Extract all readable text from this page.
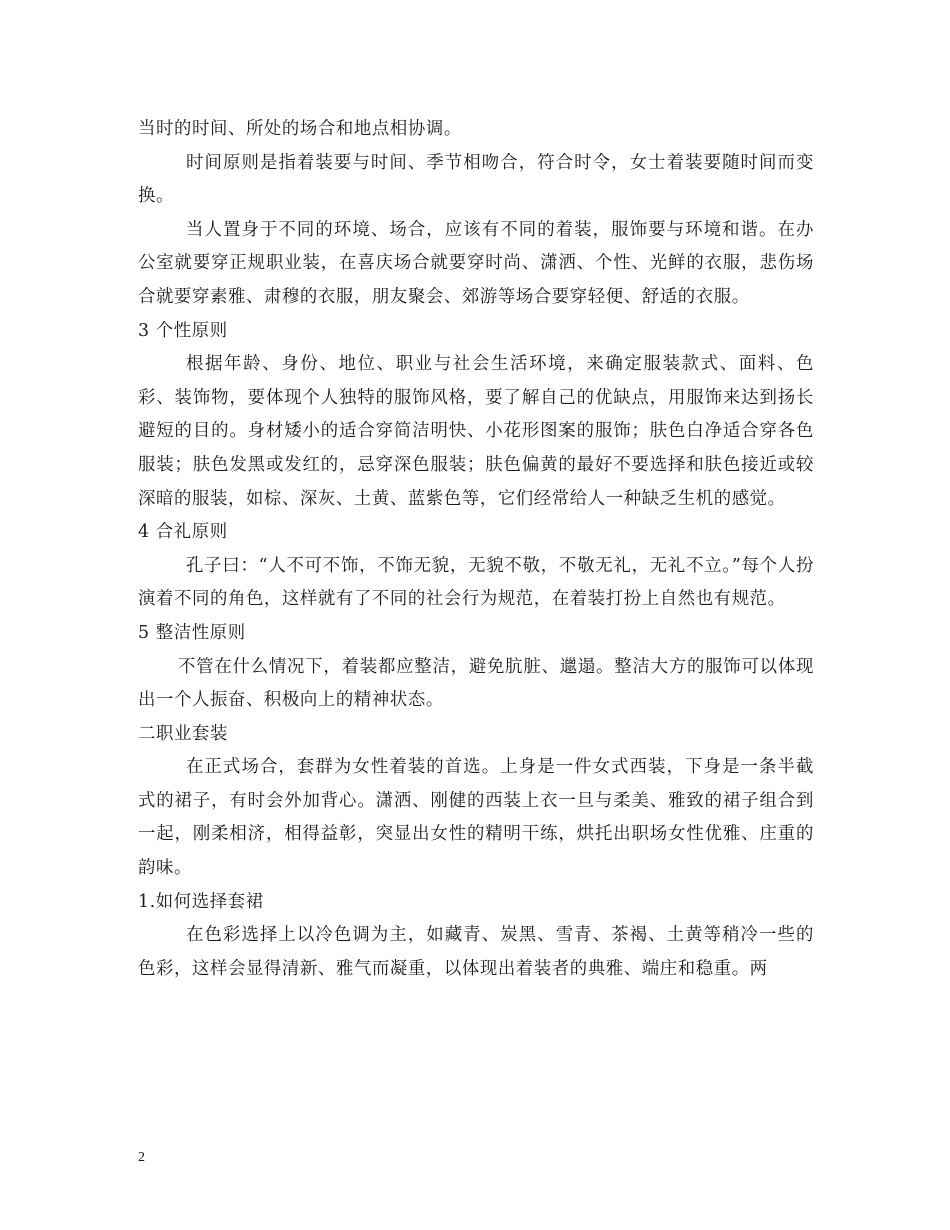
当时的时间、所处的场合和地点相协调。

时间原则是指着装要与时间、季节相吻合，符合时令，女士着装要随时间而变换。

当人置身于不同的环境、场合，应该有不同的着装，服饰要与环境和谐。在办公室就要穿正规职业装，在喜庆场合就要穿时尚、潇洒、个性、光鲜的衣服，悲伤场合就要穿素雅、肃穆的衣服，朋友聚会、郊游等场合要穿轻便、舒适的衣服。

3 个性原则

根据年龄、身份、地位、职业与社会生活环境，来确定服装款式、面料、色彩、装饰物，要体现个人独特的服饰风格，要了解自己的优缺点，用服饰来达到扬长避短的目的。身材矮小的适合穿简洁明快、小花形图案的服饰；肤色白净适合穿各色服装；肤色发黑或发红的，忌穿深色服装；肤色偏黄的最好不要选择和肤色接近或较深暗的服装，如棕、深灰、土黄、蓝紫色等，它们经常给人一种缺乏生机的感觉。

4 合礼原则

孔子曰：“人不可不饰，不饰无貌，无貌不敬，不敬无礼，无礼不立。”每个人扮演着不同的角色，这样就有了不同的社会行为规范，在着装打扮上自然也有规范。

5 整洁性原则

不管在什么情况下，着装都应整洁，避免肮脏、邋遢。整洁大方的服饰可以体现出一个人振奋、积极向上的精神状态。

二职业套装

在正式场合，套群为女性着装的首选。上身是一件女式西装，下身是一条半截式的裙子，有时会外加背心。潇洒、刚健的西装上衣一旦与柔美、雅致的裙子组合到一起，刚柔相济，相得益彰，突显出女性的精明干练，烘托出职场女性优雅、庄重的韵味。

1.如何选择套裙

在色彩选择上以冷色调为主，如藏青、炭黑、雪青、茶褐、土黄等稍冷一些的色彩，这样会显得清新、雅气而凝重，以体现出着装者的典雅、端庄和稳重。两

2
